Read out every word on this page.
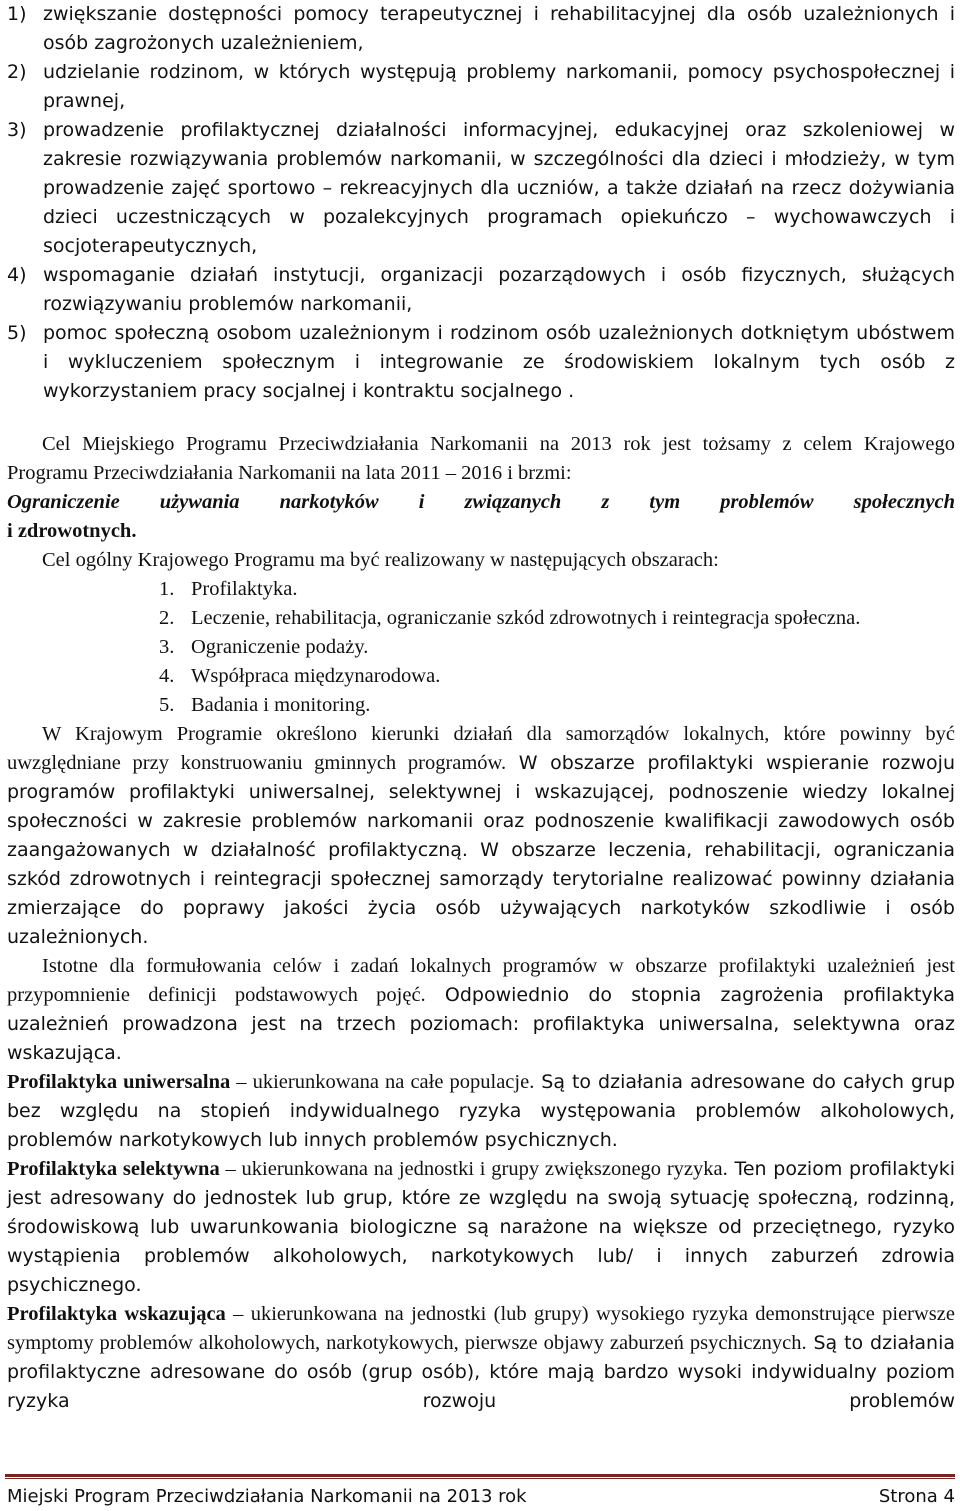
1) zwiększanie dostępności pomocy terapeutycznej i rehabilitacyjnej dla osób uzależnionych i osób zagrożonych uzależnieniem,
2) udzielanie rodzinom, w których występują problemy narkomanii, pomocy psychospołecznej i prawnej,
3) prowadzenie profilaktycznej działalności informacyjnej, edukacyjnej oraz szkoleniowej w zakresie rozwiązywania problemów narkomanii, w szczególności dla dzieci i młodzieży, w tym prowadzenie zajęć sportowo – rekreacyjnych dla uczniów, a także działań na rzecz dożywiania dzieci uczestniczących w pozalekcyjnych programach opiekuńczo – wychowawczych i socjoterapeutycznych,
4) wspomaganie działań instytucji, organizacji pozarządowych i osób fizycznych, służących rozwiązywaniu problemów narkomanii,
5) pomoc społeczną osobom uzależnionym i rodzinom osób uzależnionych dotkniętym ubóstwem i wykluczeniem społecznym i integrowanie ze środowiskiem lokalnym tych osób z wykorzystaniem pracy socjalnej i kontraktu socjalnego .
Cel Miejskiego Programu Przeciwdziałania Narkomanii na 2013 rok jest tożsamy z celem Krajowego Programu Przeciwdziałania Narkomanii na lata 2011 – 2016 i brzmi:
Ograniczenie używania narkotyków i związanych z tym problemów społecznych
i zdrowotnych.
Cel ogólny Krajowego Programu ma być realizowany w następujących obszarach:
1. Profilaktyka.
2. Leczenie, rehabilitacja, ograniczanie szkód zdrowotnych i reintegracja społeczna.
3. Ograniczenie podaży.
4. Współpraca międzynarodowa.
5. Badania i monitoring.
W Krajowym Programie określono kierunki działań dla samorządów lokalnych, które powinny być uwzględniane przy konstruowaniu gminnych programów. W obszarze profilaktyki wspieranie rozwoju programów profilaktyki uniwersalnej, selektywnej i wskazującej, podnoszenie wiedzy lokalnej społeczności w zakresie problemów narkomanii oraz podnoszenie kwalifikacji zawodowych osób zaangażowanych w działalność profilaktyczną. W obszarze leczenia, rehabilitacji, ograniczania szkód zdrowotnych i reintegracji społecznej samorządy terytorialne realizować powinny działania zmierzające do poprawy jakości życia osób używających narkotyków szkodliwie i osób uzależnionych.
Istotne dla formułowania celów i zadań lokalnych programów w obszarze profilaktyki uzależnień jest przypomnienie definicji podstawowych pojęć. Odpowiednio do stopnia zagrożenia profilaktyka uzależnień prowadzona jest na trzech poziomach: profilaktyka uniwersalna, selektywna oraz wskazująca.
Profilaktyka uniwersalna – ukierunkowana na całe populacje. Są to działania adresowane do całych grup bez względu na stopień indywidualnego ryzyka występowania problemów alkoholowych, problemów narkotykowych lub innych problemów psychicznych.
Profilaktyka selektywna – ukierunkowana na jednostki i grupy zwiększonego ryzyka. Ten poziom profilaktyki jest adresowany do jednostek lub grup, które ze względu na swoją sytuację społeczną, rodzinną, środowiskową lub uwarunkowania biologiczne są narażone na większe od przeciętnego, ryzyko wystąpienia problemów alkoholowych, narkotykowych lub/ i innych zaburzeń zdrowia psychicznego.
Profilaktyka wskazująca – ukierunkowana na jednostki (lub grupy) wysokiego ryzyka demonstrujące pierwsze symptomy problemów alkoholowych, narkotykowych, pierwsze objawy zaburzeń psychicznych. Są to działania profilaktyczne adresowane do osób (grup osób), które mają bardzo wysoki indywidualny poziom ryzyka rozwoju problemów
Miejski Program Przeciwdziałania Narkomanii na 2013 rok	Strona 4
